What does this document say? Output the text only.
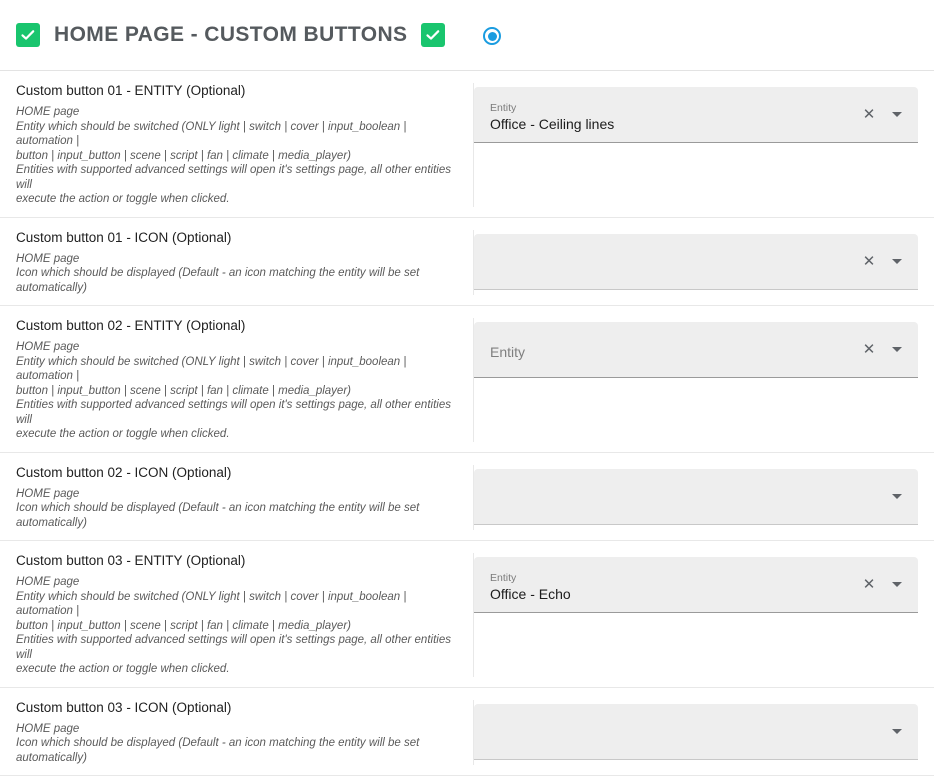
HOME PAGE - CUSTOM BUTTONS
Custom button 01 - ENTITY (Optional)
HOME page
Entity which should be switched (ONLY light | switch | cover | input_boolean | automation |
button | input_button | scene | script | fan | climate | media_player)
Entities with supported advanced settings will open it's settings page, all other entities will
execute the action or toggle when clicked.
Entity
Office - Ceiling lines
✕
Custom button 01 - ICON (Optional)
HOME page
Icon which should be displayed (Default - an icon matching the entity will be set
automatically)
✕
Custom button 02 - ENTITY (Optional)
HOME page
Entity which should be switched (ONLY light | switch | cover | input_boolean | automation |
button | input_button | scene | script | fan | climate | media_player)
Entities with supported advanced settings will open it's settings page, all other entities will
execute the action or toggle when clicked.
Entity	✕
Custom button 02 - ICON (Optional)
HOME page
Icon which should be displayed (Default - an icon matching the entity will be set
automatically)
Custom button 03 - ENTITY (Optional)
HOME page
Entity which should be switched (ONLY light | switch | cover | input_boolean | automation |
button | input_button | scene | script | fan | climate | media_player)
Entities with supported advanced settings will open it's settings page, all other entities will
execute the action or toggle when clicked.
Entity
Office - Echo
✕
Custom button 03 - ICON (Optional)
HOME page
Icon which should be displayed (Default - an icon matching the entity will be set
automatically)
